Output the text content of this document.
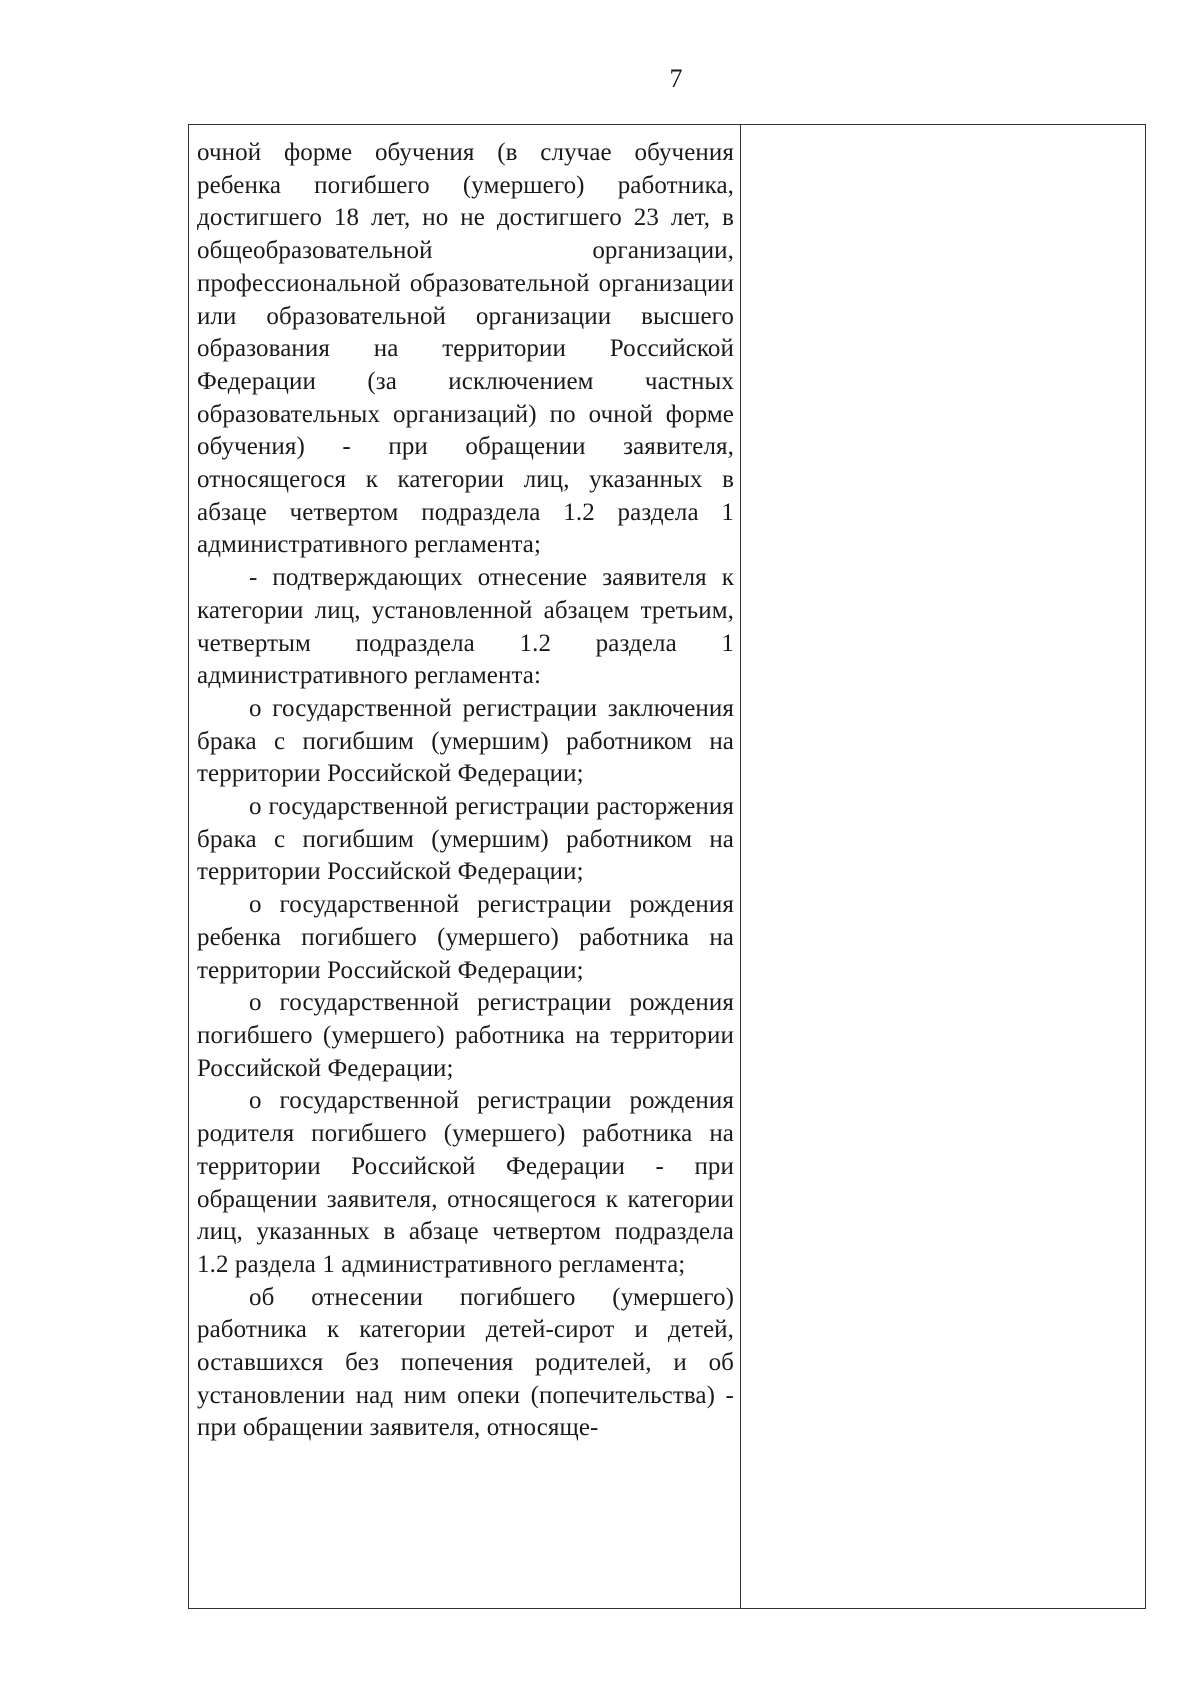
7

очной форме обучения (в случае обучения ребенка погибшего (умершего) работника, достигшего 18 лет, но не достигшего 23 лет, в общеобразовательной организации, профессиональной образовательной организации или образовательной организации высшего образования на территории Российской Федерации (за исключением частных образовательных организаций) по очной форме обучения) - при обращении заявителя, относящегося к категории лиц, указанных в абзаце четвертом подраздела 1.2 раздела 1 административного регламента;

- подтверждающих отнесение заявителя к категории лиц, установленной абзацем третьим, четвертым подраздела 1.2 раздела 1 административного регламента:

о государственной регистрации заключения брака с погибшим (умершим) работником на территории Российской Федерации;

о государственной регистрации расторжения брака с погибшим (умершим) работником на территории Российской Федерации;

о государственной регистрации рождения ребенка погибшего (умершего) работника на территории Российской Федерации;

о государственной регистрации рождения погибшего (умершего) работника на территории Российской Федерации;

о государственной регистрации рождения родителя погибшего (умершего) работника на территории Российской Федерации - при обращении заявителя, относящегося к категории лиц, указанных в абзаце четвертом подраздела 1.2 раздела 1 административного регламента;

об отнесении погибшего (умершего) работника к категории детей-сирот и детей, оставшихся без попечения родителей, и об установлении над ним опеки (попечительства) - при обращении заявителя, относяще-
